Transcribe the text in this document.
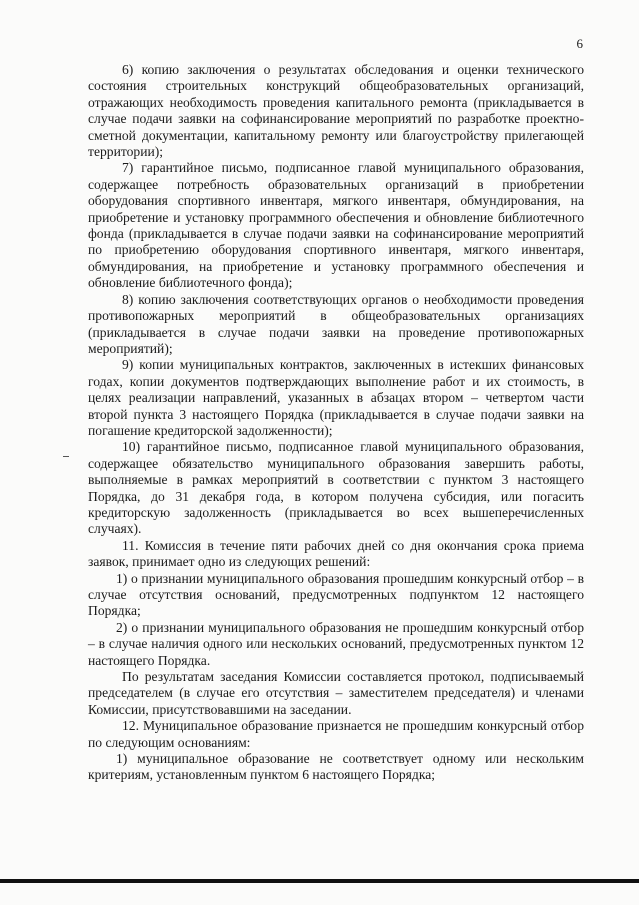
6

6) копию заключения о результатах обследования и оценки технического состояния строительных конструкций общеобразовательных организаций, отражающих необходимость проведения капитального ремонта (прикладывается в случае подачи заявки на софинансирование мероприятий по разработке проектно-сметной документации, капитальному ремонту или благоустройству прилегающей территории);

7) гарантийное письмо, подписанное главой муниципального образования, содержащее потребность образовательных организаций в приобретении оборудования спортивного инвентаря, мягкого инвентаря, обмундирования, на приобретение и установку программного обеспечения и обновление библиотечного фонда (прикладывается в случае подачи заявки на софинансирование мероприятий по приобретению оборудования спортивного инвентаря, мягкого инвентаря, обмундирования, на приобретение и установку программного обеспечения и обновление библиотечного фонда);

8) копию заключения соответствующих органов о необходимости проведения противопожарных мероприятий в общеобразовательных организациях (прикладывается в случае подачи заявки на проведение противопожарных мероприятий);

9) копии муниципальных контрактов, заключенных в истекших финансовых годах, копии документов подтверждающих выполнение работ и их стоимость, в целях реализации направлений, указанных в абзацах втором – четвертом части второй пункта 3 настоящего Порядка (прикладывается в случае подачи заявки на погашение кредиторской задолженности);

10) гарантийное письмо, подписанное главой муниципального образования, содержащее обязательство муниципального образования завершить работы, выполняемые в рамках мероприятий в соответствии с пунктом 3 настоящего Порядка, до 31 декабря года, в котором получена субсидия, или погасить кредиторскую задолженность (прикладывается во всех вышеперечисленных случаях).

11. Комиссия в течение пяти рабочих дней со дня окончания срока приема заявок, принимает одно из следующих решений:

1) о признании муниципального образования прошедшим конкурсный отбор – в случае отсутствия оснований, предусмотренных подпунктом 12 настоящего Порядка;

2) о признании муниципального образования не прошедшим конкурсный отбор – в случае наличия одного или нескольких оснований, предусмотренных пунктом 12 настоящего Порядка.

По результатам заседания Комиссии составляется протокол, подписываемый председателем (в случае его отсутствия – заместителем председателя) и членами Комиссии, присутствовавшими на заседании.

12. Муниципальное образование признается не прошедшим конкурсный отбор по следующим основаниям:

1) муниципальное образование не соответствует одному или нескольким критериям, установленным пунктом 6 настоящего Порядка;
